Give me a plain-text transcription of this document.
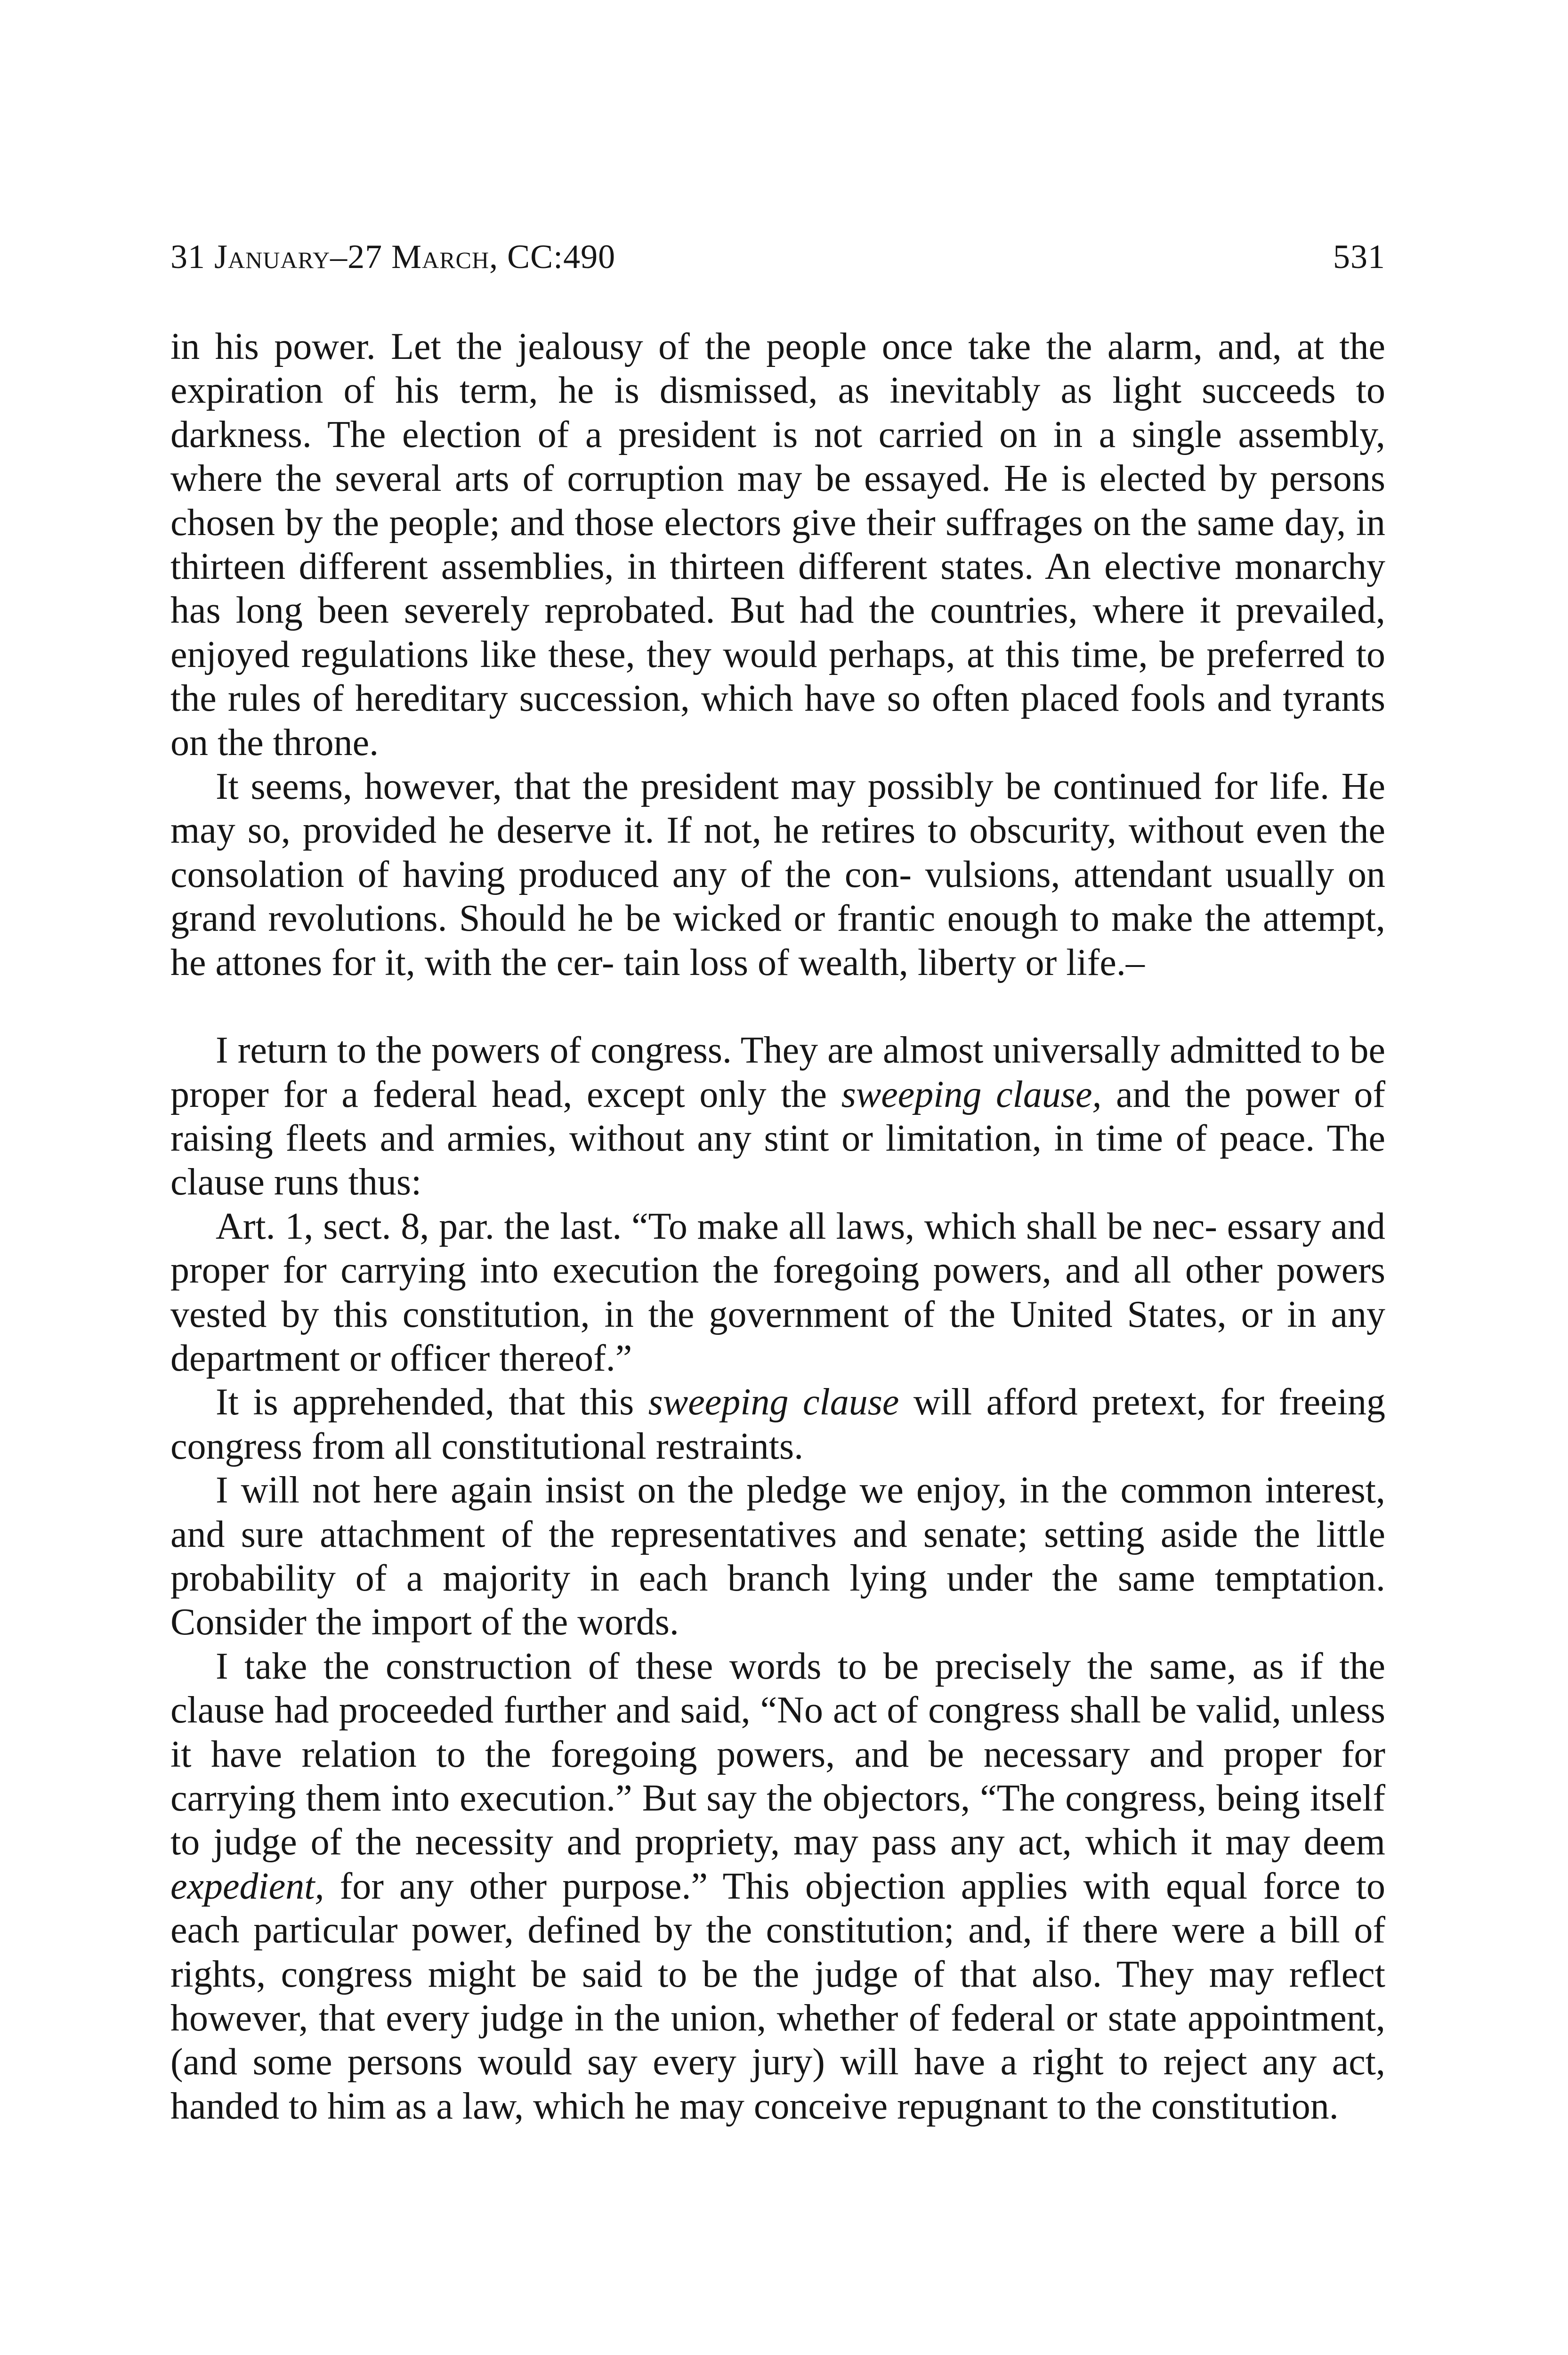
31 January–27 March, CC:490	531

in his power. Let the jealousy of the people once take the alarm, and, at the expiration of his term, he is dismissed, as inevitably as light succeeds to darkness. The election of a president is not carried on in a single assembly, where the several arts of corruption may be essayed. He is elected by persons chosen by the people; and those electors give their suffrages on the same day, in thirteen different assemblies, in thirteen different states. An elective monarchy has long been severely reprobated. But had the countries, where it prevailed, enjoyed regulations like these, they would perhaps, at this time, be preferred to the rules of hereditary succession, which have so often placed fools and tyrants on the throne.

It seems, however, that the president may possibly be continued for life. He may so, provided he deserve it. If not, he retires to obscurity, without even the consolation of having produced any of the con- vulsions, attendant usually on grand revolutions. Should he be wicked or frantic enough to make the attempt, he attones for it, with the cer- tain loss of wealth, liberty or life.–

I return to the powers of congress. They are almost universally admitted to be proper for a federal head, except only the sweeping clause, and the power of raising fleets and armies, without any stint or limitation, in time of peace. The clause runs thus:

Art. 1, sect. 8, par. the last. “To make all laws, which shall be nec- essary and proper for carrying into execution the foregoing powers, and all other powers vested by this constitution, in the government of the United States, or in any department or officer thereof.”

It is apprehended, that this sweeping clause will afford pretext, for freeing congress from all constitutional restraints.

I will not here again insist on the pledge we enjoy, in the common interest, and sure attachment of the representatives and senate; setting aside the little probability of a majority in each branch lying under the same temptation. Consider the import of the words.

I take the construction of these words to be precisely the same, as if the clause had proceeded further and said, “No act of congress shall be valid, unless it have relation to the foregoing powers, and be necessary and proper for carrying them into execution.” But say the objectors, “The congress, being itself to judge of the necessity and propriety, may pass any act, which it may deem expedient, for any other purpose.” This objection applies with equal force to each particular power, defined by the constitution; and, if there were a bill of rights, congress might be said to be the judge of that also. They may reflect however, that every judge in the union, whether of federal or state appointment, (and some persons would say every jury) will have a right to reject any act, handed to him as a law, which he may conceive repugnant to the constitution.
